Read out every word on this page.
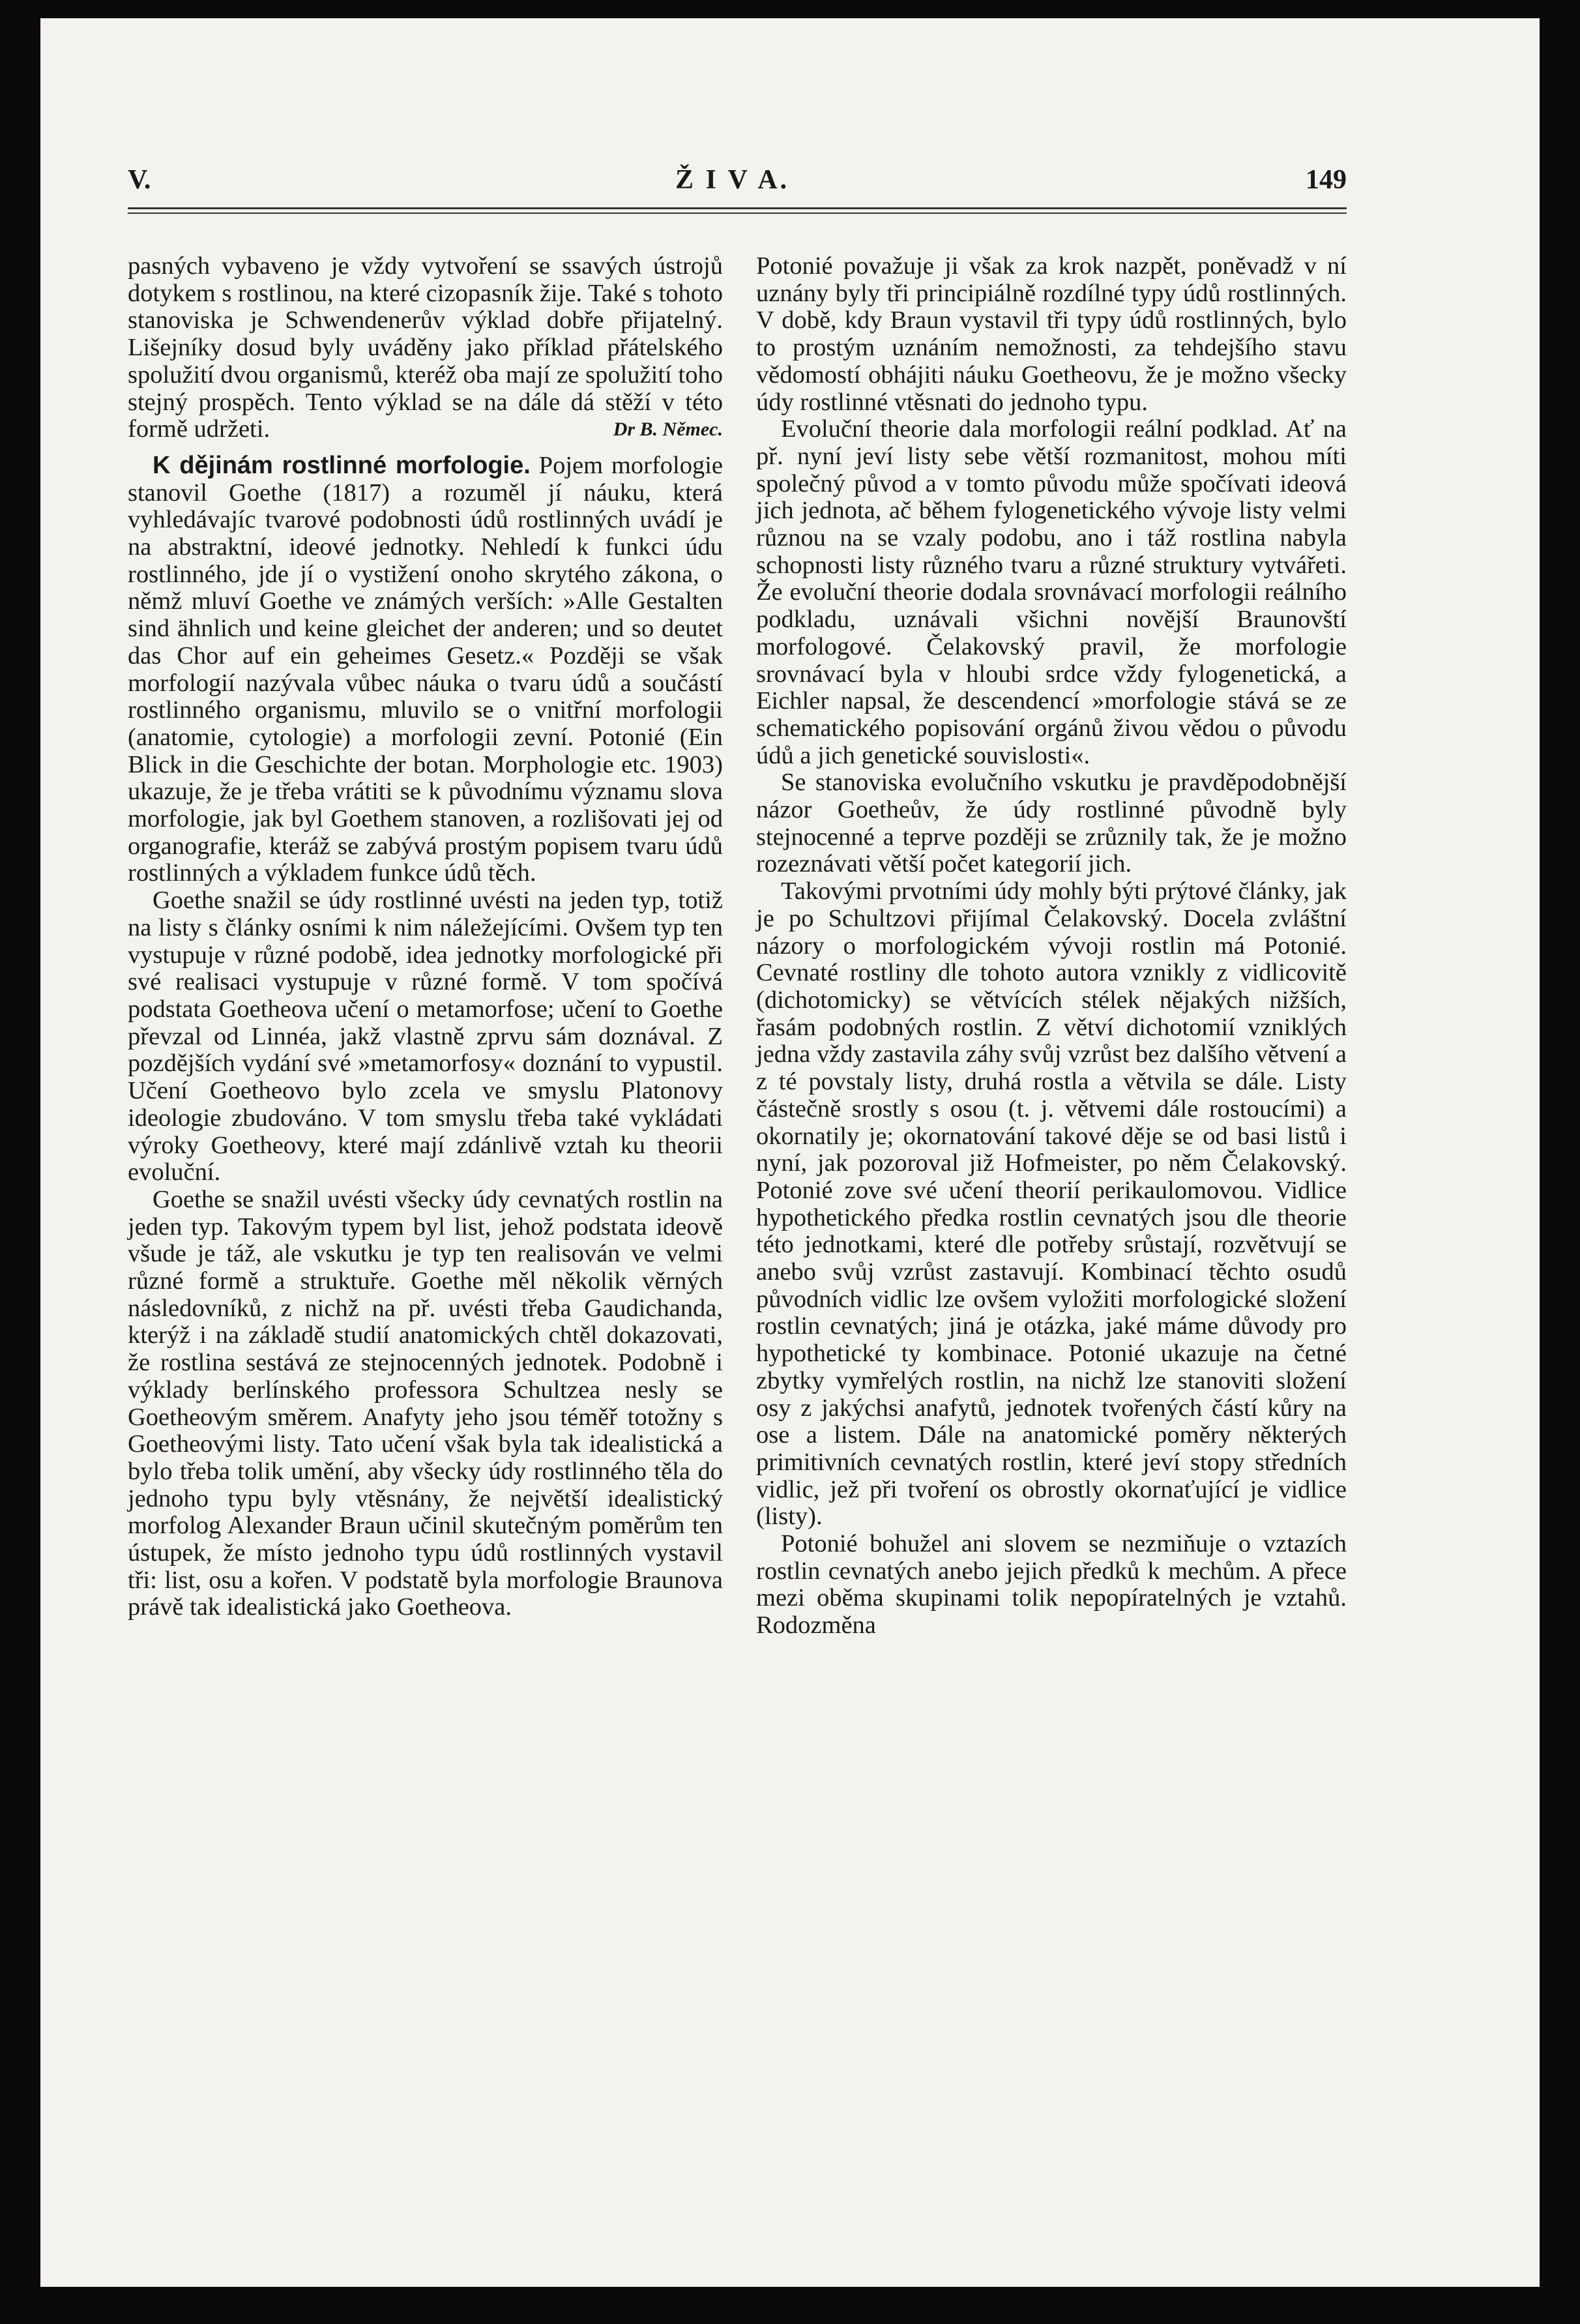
V.	Ž I V A.	149

pasných vybaveno je vždy vytvoření se ssavých ústrojů dotykem s rostlinou, na které cizopasník žije. Také s tohoto stanoviska je Schwendenerův výklad dobře přijatelný. Lišejníky dosud byly uváděny jako příklad přátelského spolužití dvou organismů, kteréž oba mají ze spolužití toho stejný prospěch. Tento výklad se na dále dá stěží v této formě udržeti.	Dr B. Němec.

K dějinám rostlinné morfologie. Pojem morfologie stanovil Goethe (1817) a rozuměl jí náuku, která vyhledávajíc tvarové podobnosti údů rostlinných uvádí je na abstraktní, ideové jednotky. Nehledí k funkci údu rostlinného, jde jí o vystižení onoho skrytého zákona, o němž mluví Goethe ve známých verších: »Alle Gestalten sind ähnlich und keine gleichet der anderen; und so deutet das Chor auf ein geheimes Gesetz.« Později se však morfologií nazývala vůbec náuka o tvaru údů a součástí rostlinného organismu, mluvilo se o vnitřní morfologii (anatomie, cytologie) a morfologii zevní. Potonié (Ein Blick in die Geschichte der botan. Morphologie etc. 1903) ukazuje, že je třeba vrátiti se k původnímu významu slova morfologie, jak byl Goethem stanoven, a rozlišovati jej od organografie, kteráž se zabývá prostým popisem tvaru údů rostlinných a výkladem funkce údů těch.

Goethe snažil se údy rostlinné uvésti na jeden typ, totiž na listy s články osními k nim náležejícími. Ovšem typ ten vystupuje v různé podobě, idea jednotky morfologické při své realisaci vystupuje v různé formě. V tom spočívá podstata Goetheova učení o metamorfose; učení to Goethe převzal od Linnéa, jakž vlastně zprvu sám doznával. Z pozdějších vydání své »metamorfosy« doznání to vypustil. Učení Goetheovo bylo zcela ve smyslu Platonovy ideologie zbudováno. V tom smyslu třeba také vykládati výroky Goetheovy, které mají zdánlivě vztah ku theorii evoluční.

Goethe se snažil uvésti všecky údy cevnatých rostlin na jeden typ. Takovým typem byl list, jehož podstata ideově všude je táž, ale vskutku je typ ten realisován ve velmi různé formě a struktuře. Goethe měl několik věrných následovníků, z nichž na př. uvésti třeba Gaudichanda, kterýž i na základě studií anatomických chtěl dokazovati, že rostlina sestává ze stejnocenných jednotek. Podobně i výklady berlínského professora Schultzea nesly se Goetheovým směrem. Anafyty jeho jsou téměř totožny s Goetheovými listy. Tato učení však byla tak idealistická a bylo třeba tolik umění, aby všecky údy rostlinného těla do jednoho typu byly vtěsnány, že největší idealistický morfolog Alexander Braun učinil skutečným poměrům ten ústupek, že místo jednoho typu údů rostlinných vystavil tři: list, osu a kořen. V podstatě byla morfologie Braunova právě tak idealistická jako Goetheova.

Potonié považuje ji však za krok nazpět, poněvadž v ní uznány byly tři principiálně rozdílné typy údů rostlinných. V době, kdy Braun vystavil tři typy údů rostlinných, bylo to prostým uznáním nemožnosti, za tehdejšího stavu vědomostí obhájiti náuku Goetheovu, že je možno všecky údy rostlinné vtěsnati do jednoho typu.

Evoluční theorie dala morfologii reální podklad. Ať na př. nyní jeví listy sebe větší rozmanitost, mohou míti společný původ a v tomto původu může spočívati ideová jich jednota, ač během fylogenetického vývoje listy velmi různou na se vzaly podobu, ano i táž rostlina nabyla schopnosti listy různého tvaru a různé struktury vytvářeti. Že evoluční theorie dodala srovnávací morfologii reálního podkladu, uznávali všichni novější Braunovští morfologové. Čelakovský pravil, že morfologie srovnávací byla v hloubi srdce vždy fylogenetická, a Eichler napsal, že descendencí »morfologie stává se ze schematického popisování orgánů živou vědou o původu údů a jich genetické souvislosti«.

Se stanoviska evolučního vskutku je pravděpodobnější názor Goetheův, že údy rostlinné původně byly stejnocenné a teprve později se zrůznily tak, že je možno rozeznávati větší počet kategorií jich.

Takovými prvotními údy mohly býti prýtové články, jak je po Schultzovi přijímal Čelakovský. Docela zvláštní názory o morfologickém vývoji rostlin má Potonié. Cevnaté rostliny dle tohoto autora vznikly z vidlicovitě (dichotomicky) se větvících stélek nějakých nižších, řasám podobných rostlin. Z větví dichotomií vzniklých jedna vždy zastavila záhy svůj vzrůst bez dalšího větvení a z té povstaly listy, druhá rostla a větvila se dále. Listy částečně srostly s osou (t. j. větvemi dále rostoucími) a okornatily je; okornatování takové děje se od basi listů i nyní, jak pozoroval již Hofmeister, po něm Čelakovský. Potonié zove své učení theorií perikaulomovou. Vidlice hypothetického předka rostlin cevnatých jsou dle theorie této jednotkami, které dle potřeby srůstají, rozvětvují se anebo svůj vzrůst zastavují. Kombinací těchto osudů původních vidlic lze ovšem vyložiti morfologické složení rostlin cevnatých; jiná je otázka, jaké máme důvody pro hypothetické ty kombinace. Potonié ukazuje na četné zbytky vymřelých rostlin, na nichž lze stanoviti složení osy z jakýchsi anafytů, jednotek tvořených částí kůry na ose a listem. Dále na anatomické poměry některých primitivních cevnatých rostlin, které jeví stopy středních vidlic, jež při tvoření os obrostly okornaťující je vidlice (listy).

Potonié bohužel ani slovem se nezmiňuje o vztazích rostlin cevnatých anebo jejich předků k mechům. A přece mezi oběma skupinami tolik nepopíratelných je vztahů. Rodozměna
